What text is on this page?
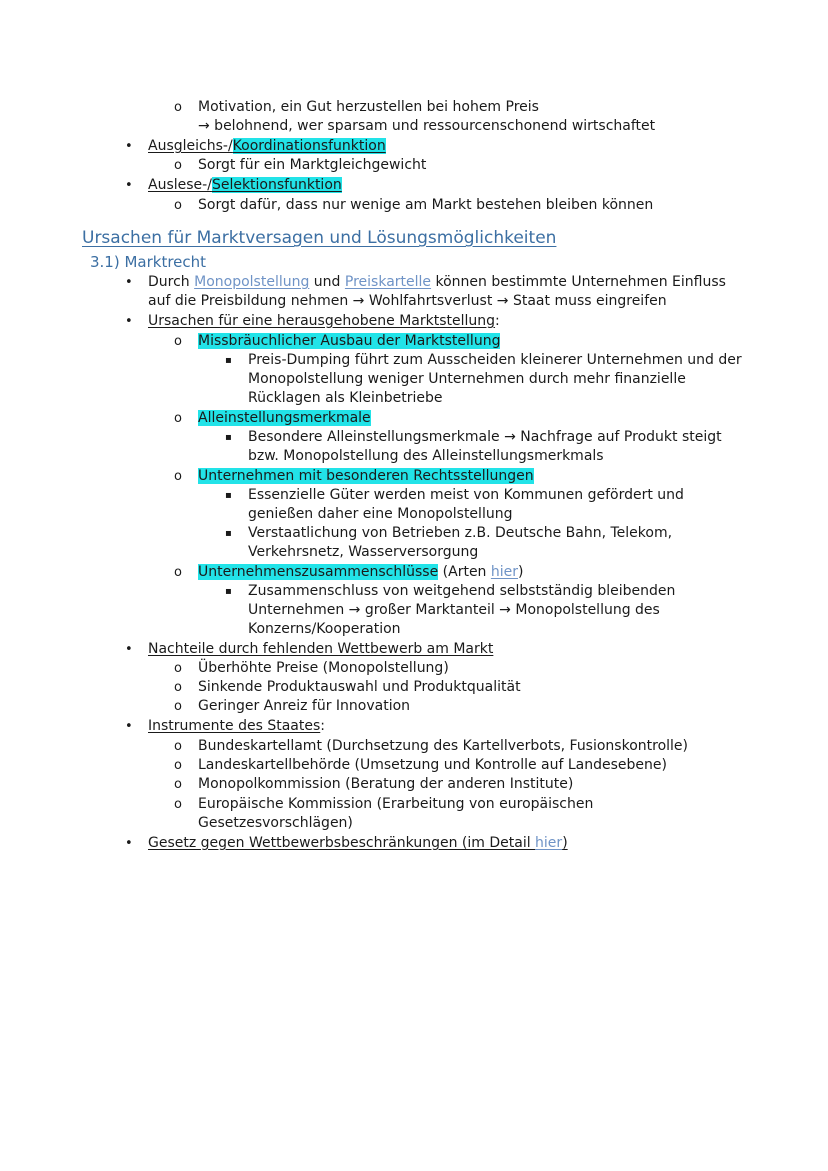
o Motivation, ein Gut herzustellen bei hohem Preis
→ belohnend, wer sparsam und ressourcenschonend wirtschaftet
• Ausgleichs-/Koordinationsfunktion
o Sorgt für ein Marktgleichgewicht
• Auslese-/Selektionsfunktion
o Sorgt dafür, dass nur wenige am Markt bestehen bleiben können
Ursachen für Marktversagen und Lösungsmöglichkeiten
3.1) Marktrecht
• Durch Monopolstellung und Preiskartelle können bestimmte Unternehmen Einfluss
auf die Preisbildung nehmen → Wohlfahrtsverlust → Staat muss eingreifen
• Ursachen für eine herausgehobene Marktstellung:
o Missbräuchlicher Ausbau der Marktstellung
▪ Preis-Dumping führt zum Ausscheiden kleinerer Unternehmen und der
Monopolstellung weniger Unternehmen durch mehr finanzielle
Rücklagen als Kleinbetriebe
o Alleinstellungsmerkmale
▪ Besondere Alleinstellungsmerkmale → Nachfrage auf Produkt steigt
bzw. Monopolstellung des Alleinstellungsmerkmals
o Unternehmen mit besonderen Rechtsstellungen
▪ Essenzielle Güter werden meist von Kommunen gefördert und
genießen daher eine Monopolstellung
▪ Verstaatlichung von Betrieben z.B. Deutsche Bahn, Telekom,
Verkehrsnetz, Wasserversorgung
o Unternehmenszusammenschlüsse (Arten hier)
▪ Zusammenschluss von weitgehend selbstständig bleibenden
Unternehmen → großer Marktanteil → Monopolstellung des
Konzerns/Kooperation
• Nachteile durch fehlenden Wettbewerb am Markt
o Überhöhte Preise (Monopolstellung)
o Sinkende Produktauswahl und Produktqualität
o Geringer Anreiz für Innovation
• Instrumente des Staates:
o Bundeskartellamt (Durchsetzung des Kartellverbots, Fusionskontrolle)
o Landeskartellbehörde (Umsetzung und Kontrolle auf Landesebene)
o Monopolkommission (Beratung der anderen Institute)
o Europäische Kommission (Erarbeitung von europäischen
Gesetzesvorschlägen)
• Gesetz gegen Wettbewerbsbeschränkungen (im Detail hier)
